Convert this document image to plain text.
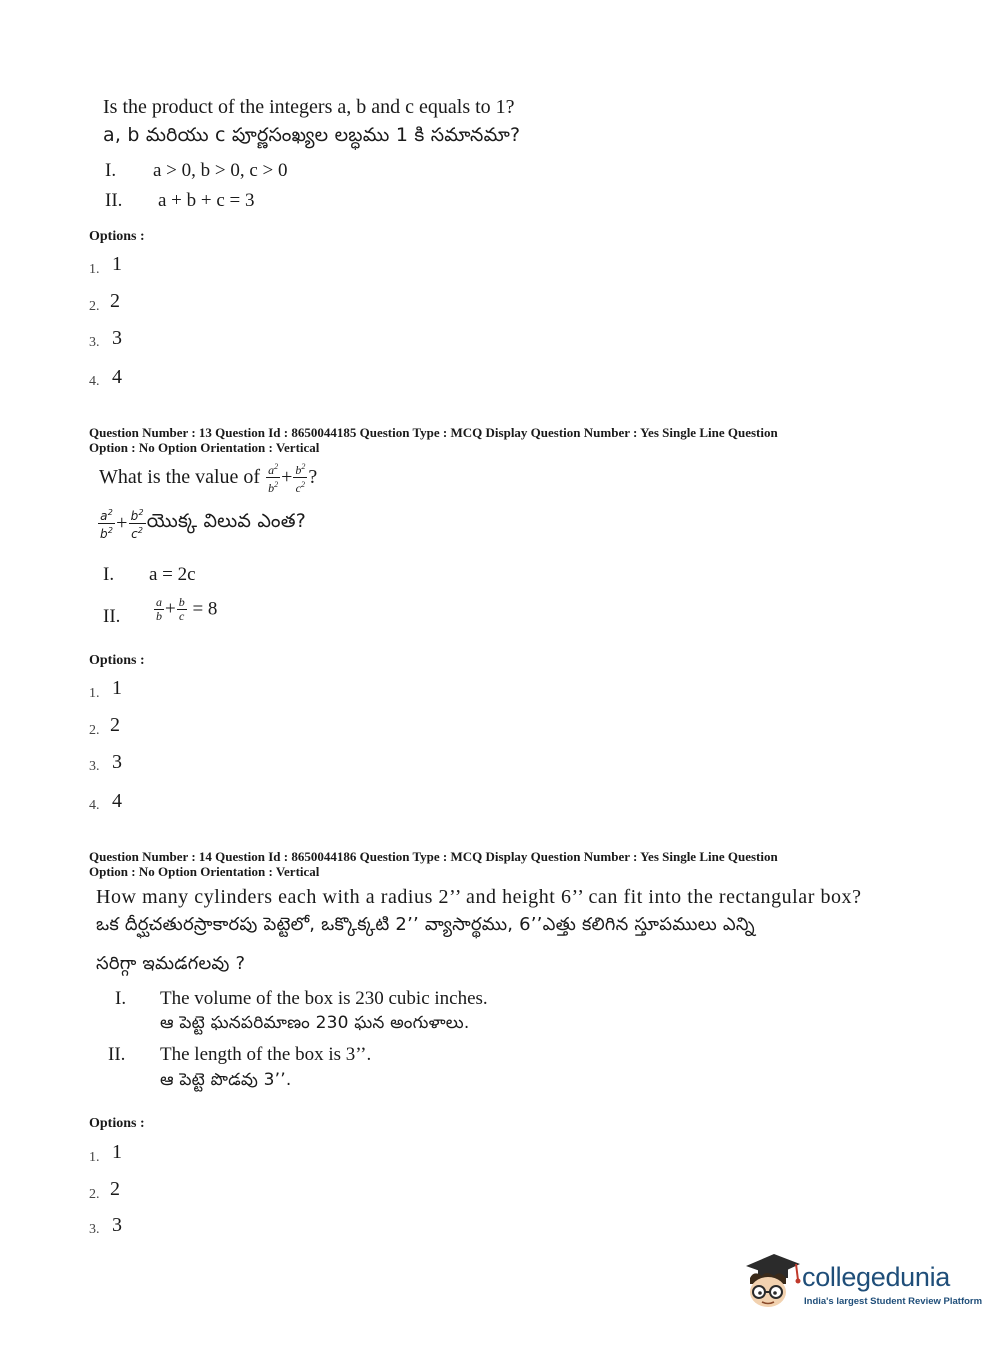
Is the product of the integers a, b and c equals to 1?
a, b మరియు c పూర్ణసంఖ్యల లబ్ధము 1 కి సమానమా?
I. a > 0, b > 0, c > 0
II. a + b + c = 3
Options :
1. 1
2. 2
3. 3
4. 4
Question Number : 13 Question Id : 8650044185 Question Type : MCQ Display Question Number : Yes Single Line Question
Option : No Option Orientation : Vertical
What is the value of $\frac{a^2}{b^2} + \frac{b^2}{c^2}$ ?
$\frac{a^2}{b^2} + \frac{b^2}{c^2}$ యొక్క విలువ ఎంత?
I. a = 2c
II.	$\frac{a}{b} + \frac{b}{c} = 8$
Options :
1. 1
2. 2
3. 3
4. 4
Question Number : 14 Question Id : 8650044186 Question Type : MCQ Display Question Number : Yes Single Line Question
Option : No Option Orientation : Vertical
How many cylinders each with a radius 2’’ and height 6’’ can fit into the rectangular box?
ఒక దీర్ఘచతురస్రాకారపు పెట్టెలో, ఒక్కొక్కటి 2’’ వ్యాసార్థము, 6’’ఎత్తు కలిగిన స్తూపములు ఎన్ని
సరిగ్గా ఇమడగలవు ?
I. The volume of the box is 230 cubic inches.
ఆ పెట్టె ఘనపరిమాణం 230 ఘన అంగుళాలు.
II. The length of the box is 3’’.
ఆ పెట్టె పొడవు 3’’.
Options :
1. 1
2. 2
3. 3
collegedunia
India's largest Student Review Platform
